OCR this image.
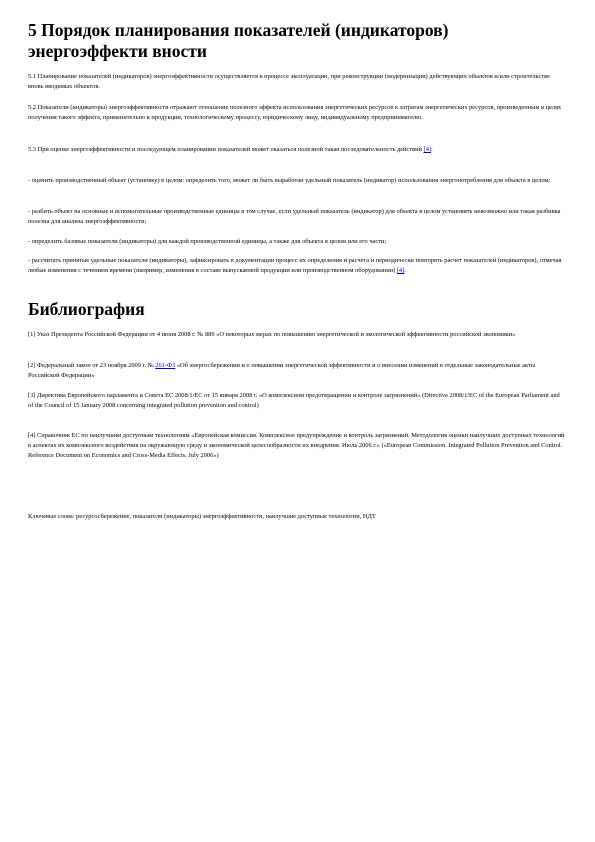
5 Порядок планирования показателей (индикаторов) энергоэффекти вности
5.1 Планирование показателей (индикаторов) энергоэффективности осуществляется в процессе эксплуатации, при реконструкции (модернизации) действующих объектов и/или строительстве вновь вводимых объектов.
5.2 Показатели (индикаторы) энергоэффективности отражают отношение полезного эффекта использования энергетических ресурсов к затратам энергетических ресурсов, произведенным в целях получения такого эффекта, применительно к продукции, технологическому процессу, юридическому лицу, индивидуальному предпринимателю.
5.3 При оценке энергоэффективности и последующем планировании показателей может оказаться полезной такая последовательность действий [4]:
- оценить производственный объект (установку) в целом: определить того, может ли быть выработан удельный показатель (индикатор) использования энергопотребления для объекта в целом;
- разбить объект на основные и вспомогательные производственные единицы в том случае, если удельный показатель (индикатор) для объекта в целом установить невозможно или такая разбивка полезна для анализа энергоэффективности;
- определить базовые показатели (индикаторы) для каждой производственной единицы, а также для объекта в целом или его части;
- рассчитать принятые удельные показатели (индикаторы), зафиксировать в документации процесс их определения и расчета и периодически повторять расчет показателей (индикаторов), отмечая любые изменения с течением времени (например, изменения в составе выпускаемой продукции или производственном оборудовании) [4].
Библиография
[1] Указ Президента Российской Федерации от 4 июня 2008 г. № 889 «О некоторых мерах по повышению энергетической и экологической эффективности российской экономики»
[2] Федеральный закон от 23 ноября 2009 г. № 261-ФЗ «Об энергосбережении и о повышении энергетической эффективности и о внесении изменений в отдельные законодательные акты Российской Федерации»
[3] Директива Европейского парламента и Совета ЕС 2008/1/ЕС от 15 января 2008 г. «О комплексном предотвращении и контроле загрязнений» (Directive 2008/1/EC of the European Parliament and of the Council of 15 January 2008 concerning integrated pollution prevention and control)
[4] Справочник ЕС по наилучшим доступным технологиям «Европейская комиссия. Комплексное предупреждение и контроль загрязнений. Методология оценки наилучших доступных технологий в аспектах их комплексного воздействия на окружающую среду и экономической целесообразности их внедрения. Июль 2006 г.» («European Commission. Integrated Pollution Prevention and Control. Reference Document on Economics and Cross-Media Effects. July 2006»)
Ключевые слова: ресурсосбережение, показатели (индикаторы) энергоэффективности, наилучшие доступные технологии, НДТ
